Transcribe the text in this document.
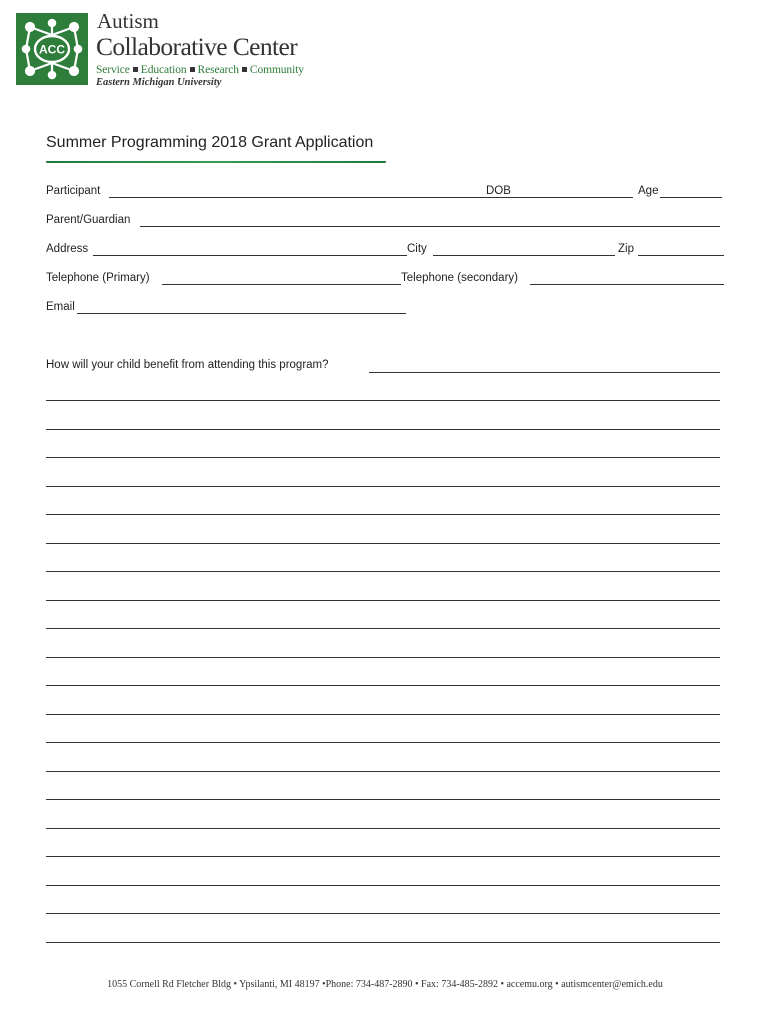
ACC
Autism
Collaborative Center
Service Education Research Community
Eastern Michigan University
Summer Programming 2018 Grant Application
Participant	DOB	Age
Parent/Guardian
Address	City	Zip
Telephone (Primary)	Telephone (secondary)
Email
How will your child benefit from attending this program?
1055 Cornell Rd Fletcher Bldg • Ypsilanti, MI 48197 •Phone: 734-487-2890 • Fax: 734-485-2892 • accemu.org • autismcenter@emich.edu
